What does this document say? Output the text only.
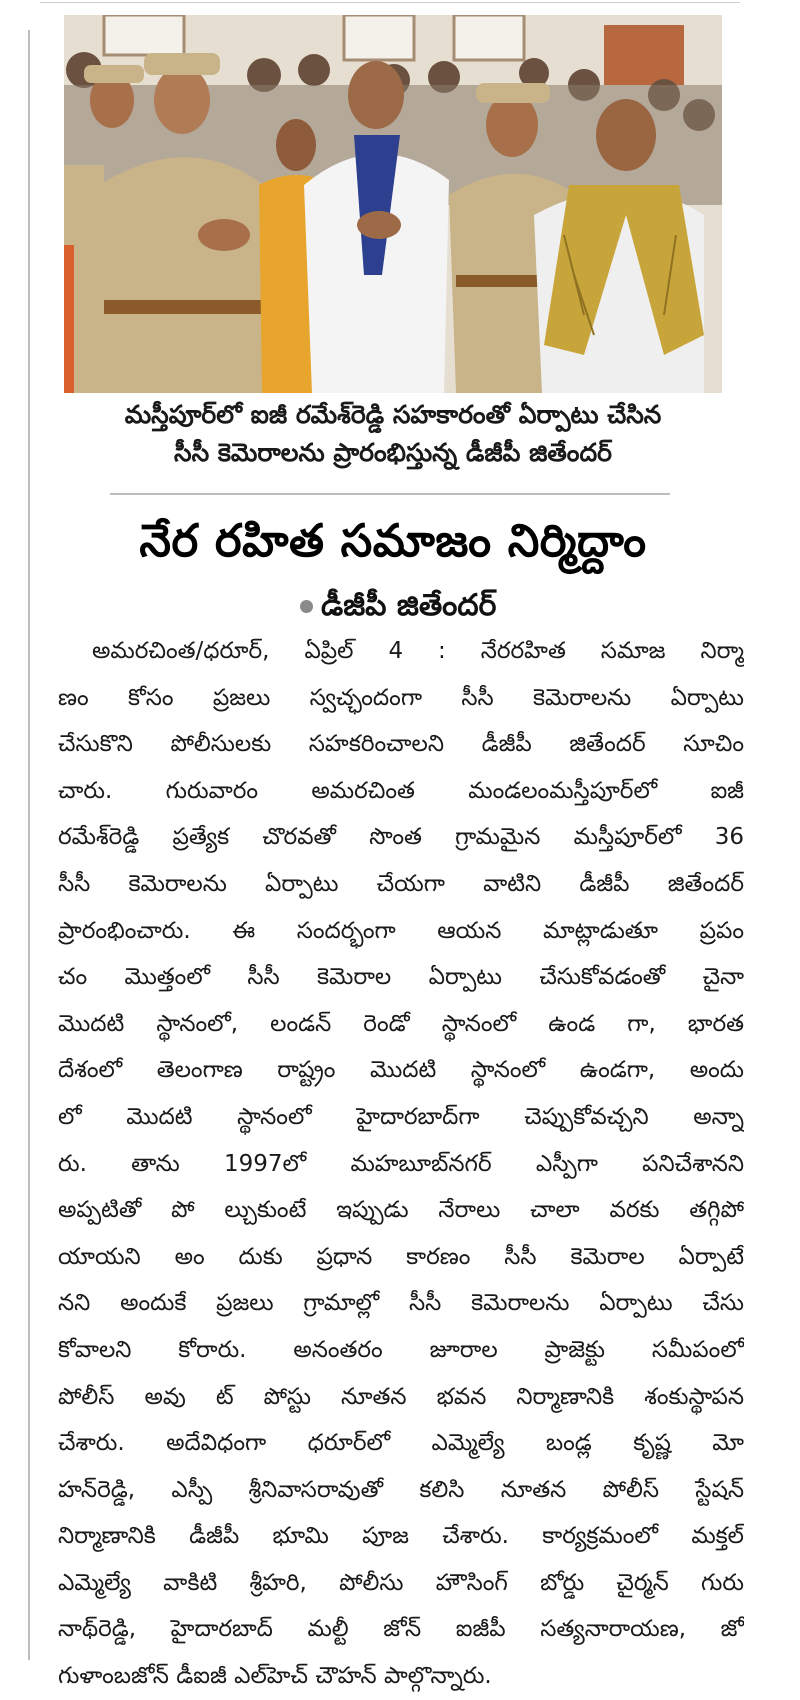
మస్తీపూర్‌లో ఐజీ రమేశ్‌రెడ్డి సహకారంతో ఏర్పాటు చేసిన
సీసీ కెమెరాలను ప్రారంభిస్తున్న డీజీపీ జితేందర్
నేర రహిత సమాజం నిర్మిద్దాం
డీజీపీ జితేందర్
అమరచింత/ధరూర్, ఏప్రిల్ 4 : నేరరహిత సమాజ నిర్మా
ణం కోసం ప్రజలు స్వచ్ఛందంగా సీసీ కెమెరాలను ఏర్పాటు
చేసుకొని పోలీసులకు సహకరించాలని డీజీపీ జితేందర్ సూచిం
చారు. గురువారం అమరచింత మండలంమస్తీపూర్‌లో ఐజీ
రమేశ్‌రెడ్డి ప్రత్యేక చొరవతో సొంత గ్రామమైన మస్తీపూర్‌లో 36
సీసీ కెమెరాలను ఏర్పాటు చేయగా వాటిని డీజీపీ జితేందర్
ప్రారంభించారు. ఈ సందర్భంగా ఆయన మాట్లాడుతూ ప్రపం
చం మొత్తంలో సీసీ కెమెరాల ఏర్పాటు చేసుకోవడంతో చైనా
మొదటి స్థానంలో, లండన్ రెండో స్థానంలో ఉండ గా, భారత
దేశంలో తెలంగాణ రాష్ట్రం మొదటి స్థానంలో ఉండగా, అందు
లో మొదటి స్థానంలో హైదారబాద్‌గా చెప్పుకోవచ్చని అన్నా
రు. తాను 1997లో మహబూబ్‌నగర్ ఎస్పీగా పనిచేశానని
అప్పటితో పో ల్చుకుంటే ఇప్పుడు నేరాలు చాలా వరకు తగ్గిపో
యాయని అం దుకు ప్రధాన కారణం సీసీ కెమెరాల ఏర్పాటే
నని అందుకే ప్రజలు గ్రామాల్లో సీసీ కెమెరాలను ఏర్పాటు చేసు
కోవాలని కోరారు. అనంతరం జూరాల ప్రాజెక్టు సమీపంలో
పోలీస్ అవు ట్ పోస్టు నూతన భవన నిర్మాణానికి శంకుస్థాపన
చేశారు. అదేవిధంగా ధరూర్‌లో ఎమ్మెల్యే బండ్ల కృష్ణ మో
హన్‌రెడ్డి, ఎస్పీ శ్రీనివాసరావుతో కలిసి నూతన పోలీస్ స్టేషన్
నిర్మాణానికి డీజీపీ భూమి పూజ చేశారు. కార్యక్రమంలో మక్తల్
ఎమ్మెల్యే వాకిటి శ్రీహరి, పోలీసు హౌసింగ్ బోర్డు చైర్మన్ గురు
నాథ్‌రెడ్డి, హైదారబాద్ మల్టీ జోన్ ఐజీపీ సత్యనారాయణ, జో
గుళాంబజోన్ డీఐజీ ఎల్‌హెచ్ చౌహన్ పాల్గొన్నారు.
